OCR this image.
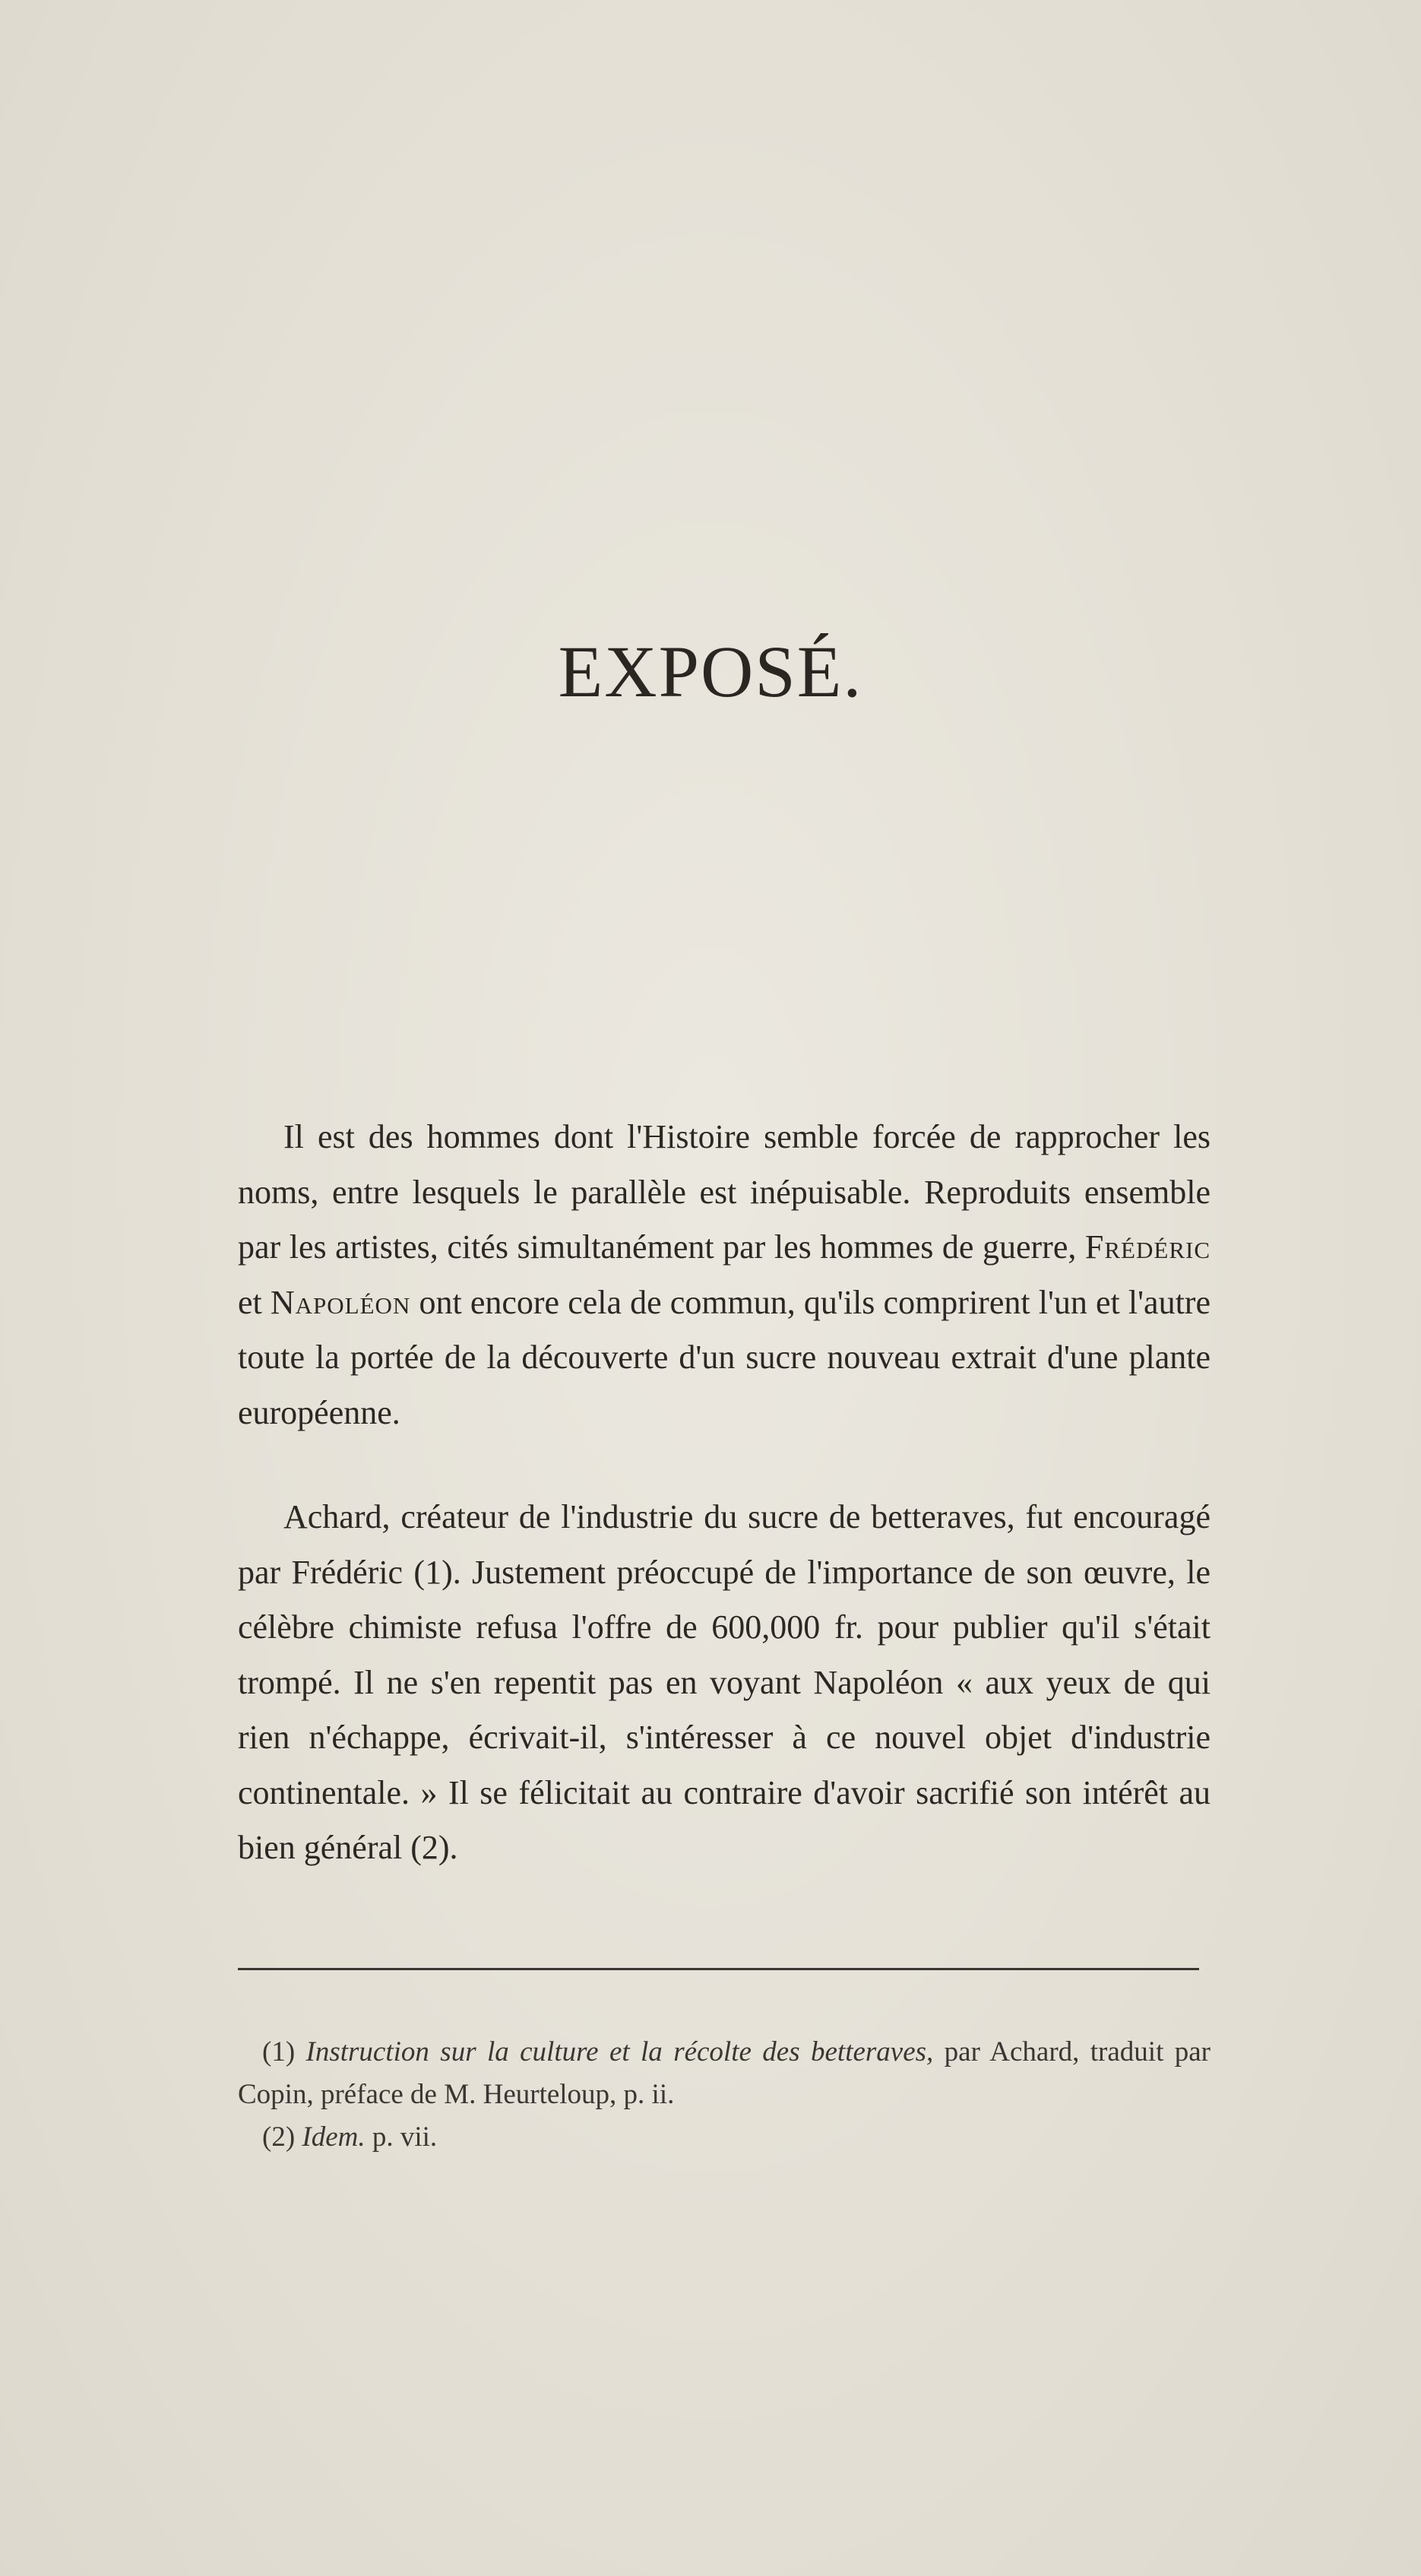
EXPOSÉ.

Il est des hommes dont l'Histoire semble forcée de rapprocher les noms, entre lesquels le parallèle est inépuisable. Reproduits ensemble par les artistes, cités simultanément par les hommes de guerre, Frédéric et Napoléon ont encore cela de commun, qu'ils comprirent l'un et l'autre toute la portée de la découverte d'un sucre nouveau extrait d'une plante européenne.

Achard, créateur de l'industrie du sucre de betteraves, fut encouragé par Frédéric (1). Justement préoccupé de l'importance de son œuvre, le célèbre chimiste refusa l'offre de 600,000 fr. pour publier qu'il s'était trompé. Il ne s'en repentit pas en voyant Napoléon « aux yeux de qui rien n'échappe, écrivait-il, s'intéresser à ce nouvel objet d'industrie continentale. » Il se félicitait au contraire d'avoir sacrifié son intérêt au bien général (2).

(1) Instruction sur la culture et la récolte des betteraves, par Achard, traduit par Copin, préface de M. Heurteloup, p. ii.

(2) Idem. p. vii.
